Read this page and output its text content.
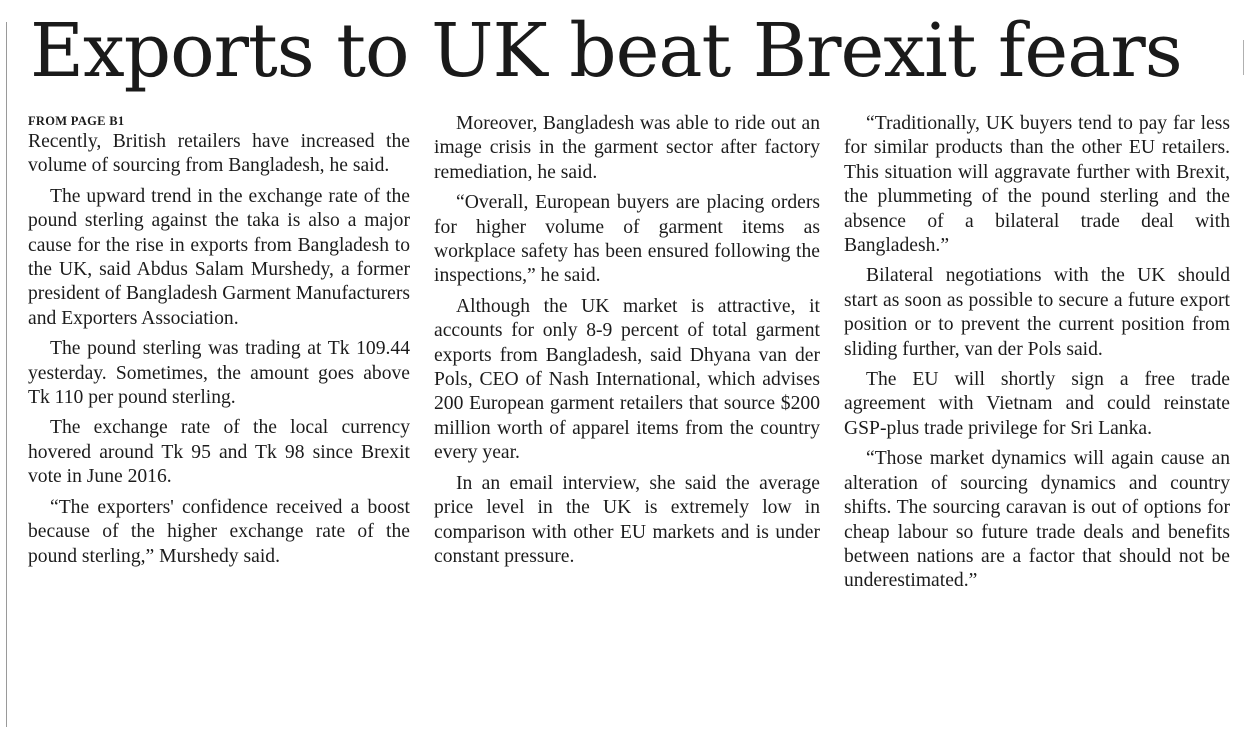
Exports to UK beat Brexit fears
FROM PAGE B1

Recently, British retailers have increased the volume of sourcing from Bangladesh, he said.

The upward trend in the exchange rate of the pound sterling against the taka is also a major cause for the rise in exports from Bangladesh to the UK, said Abdus Salam Murshedy, a former president of Bangladesh Garment Manufacturers and Exporters Association.

The pound sterling was trading at Tk 109.44 yesterday. Sometimes, the amount goes above Tk 110 per pound sterling.

The exchange rate of the local currency hovered around Tk 95 and Tk 98 since Brexit vote in June 2016.

“The exporters' confidence received a boost because of the higher exchange rate of the pound sterling,” Murshedy said.

Moreover, Bangladesh was able to ride out an image crisis in the garment sector after factory remediation, he said.

“Overall, European buyers are placing orders for higher volume of garment items as workplace safety has been ensured following the inspections,” he said.

Although the UK market is attractive, it accounts for only 8-9 percent of total garment exports from Bangladesh, said Dhyana van der Pols, CEO of Nash International, which advises 200 European garment retailers that source $200 million worth of apparel items from the country every year.

In an email interview, she said the average price level in the UK is extremely low in comparison with other EU markets and is under constant pressure.

“Traditionally, UK buyers tend to pay far less for similar products than the other EU retailers. This situation will aggravate further with Brexit, the plummeting of the pound sterling and the absence of a bilateral trade deal with Bangladesh.”

Bilateral negotiations with the UK should start as soon as possible to secure a future export position or to prevent the current position from sliding further, van der Pols said.

The EU will shortly sign a free trade agreement with Vietnam and could reinstate GSP-plus trade privilege for Sri Lanka.

“Those market dynamics will again cause an alteration of sourcing dynamics and country shifts. The sourcing caravan is out of options for cheap labour so future trade deals and benefits between nations are a factor that should not be underestimated.”
